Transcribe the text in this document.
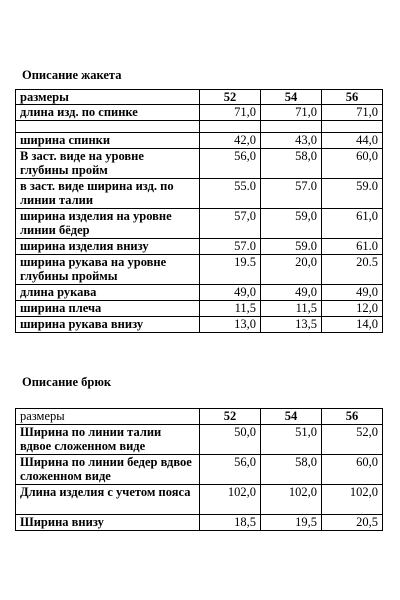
Описание жакета
размеры	52	54	56
длина изд. по спинке	71,0	71,0	71,0

ширина спинки	42,0	43,0	44,0
В заст. виде на уровне глубины пройм	56,0	58,0	60,0
в заст. виде ширина изд. по линии талии	55.0	57.0	59.0
ширина изделия на уровне линии бёдер	57,0	59,0	61,0
ширина изделия внизу	57.0	59.0	61.0
ширина рукава на уровне глубины проймы	19.5	20,0	20.5
длина рукава	49,0	49,0	49,0
ширина плеча	11,5	11,5	12,0
ширина рукава внизу	13,0	13,5	14,0
Описание брюк
размеры	52	54	56
Ширина по линии талии вдвое сложенном виде	50,0	51,0	52,0
Ширина по линии бедер вдвое сложенном виде	56,0	58,0	60,0
Длина изделия с учетом пояса	102,0	102,0	102,0
Ширина внизу	18,5	19,5	20,5
